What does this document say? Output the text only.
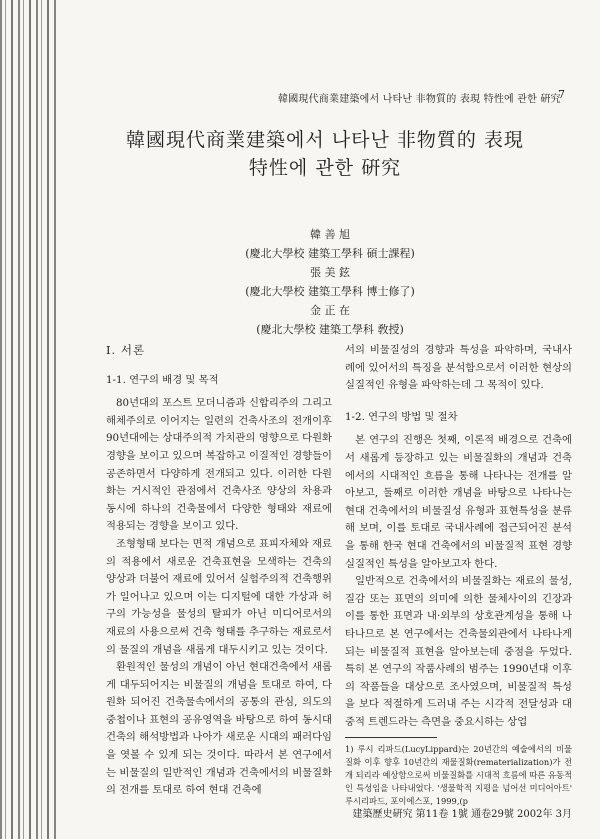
韓國現代商業建築에서 나타난 非物質的 表現 特性에 관한 硏究
7
韓國現代商業建築에서 나타난 非物質的 表現
特性에 관한 硏究
韓 善 旭
(慶北大學校 建築工學科 碩士課程)
張 美 鉉
(慶北大學校 建築工學科 博士修了)
金 正 在
(慶北大學校 建築工學科 敎授)

I. 서론

1-1. 연구의 배경 및 목적

80년대의 포스트 모더니즘과 신합리주의 그리고 해체주의로 이어지는 일련의 건축사조의 전개이후 90년대에는 상대주의적 가치관의 영향으로 다원화 경향을 보이고 있으며 복잡하고 이질적인 경향들이 공존하면서 다양하게 전개되고 있다. 이러한 다원화는 거시적인 관점에서 건축사조 양상의 차용과 동시에 하나의 건축물에서 다양한 형태와 재료에 적용되는 경향을 보이고 있다.

조형형태 보다는 면적 개념으로 표피자체와 재료의 적용에서 새로운 건축표현을 모색하는 건축의 양상과 더불어 재료에 있어서 실험주의적 건축행위가 일어나고 있으며 이는 디지털에 대한 가상과 허구의 가능성을 물성의 탈피가 아닌 미디어로서의 재료의 사용으로써 건축 형태를 추구하는 재료로서의 물질의 개념을 새롭게 대두시키고 있는 것이다.

환원적인 물성의 개념이 아닌 현대건축에서 새롭게 대두되어지는 비물질의 개념을 토대로 하여, 다원화 되어진 건축물속에서의 공통의 관심, 의도의 중첩이나 표현의 공유영역을 바탕으로 하여 동시대 건축의 해석방법과 나아가 새로운 시대의 패러다임을 엿볼 수 있게 되는 것이다. 따라서 본 연구에서는 비물질의 일반적인 개념과 건축에서의 비물질화의 전개를 토대로 하여 현대 건축에

서의 비물질성의 경향과 특성을 파악하며, 국내사례에 있어서의 특징을 분석함으로서 이러한 현상의 실질적인 유형을 파악하는데 그 목적이 있다.

1-2. 연구의 방법 및 절차

본 연구의 진행은 첫째, 이론적 배경으로 건축에서 새롭게 등장하고 있는 비물질화의 개념과 건축에서의 시대적인 흐름을 통해 나타나는 전개를 알아보고, 둘째로 이러한 개념을 바탕으로 나타나는 현대 건축에서의 비물질성 유형과 표현특성을 분류해 보며, 이를 토대로 국내사례에 접근되어진 분석을 통해 한국 현대 건축에서의 비물질적 표현 경향 실질적인 특성을 알아보고자 한다.

일반적으로 건축에서의 비물질화는 재료의 물성, 질감 또는 표면의 의미에 의한 물체사이의 긴장과 이를 통한 표면과 내·외부의 상호관계성을 통해 나타나므로 본 연구에서는 건축물외관에서 나타나게 되는 비물질적 표현을 알아보는데 중점을 두었다. 특히 본 연구의 작품사례의 범주는 1990년대 이후의 작품들을 대상으로 조사였으며, 비물질적 특성을 보다 적절하게 드러내 주는 시각적 전달성과 대중적 트렌드라는 측면을 중요시하는 상업

1) 루시 리파드(LucyLippard)는 20년간의 예술에서의 비물질화 이후 향후 10년간의 재물질화(rematerialization)가 전개 되리라 예상함으로써 비물질화를 시대적 흐름에 따른 유동적인 특성임을 나타내었다. '생물학적 지평을 넘어선 미디어아트' 루시리파드, 포이에스포, 1999,(p

建築歷史硏究 第11卷 1號 通卷29號 2002年 3月
